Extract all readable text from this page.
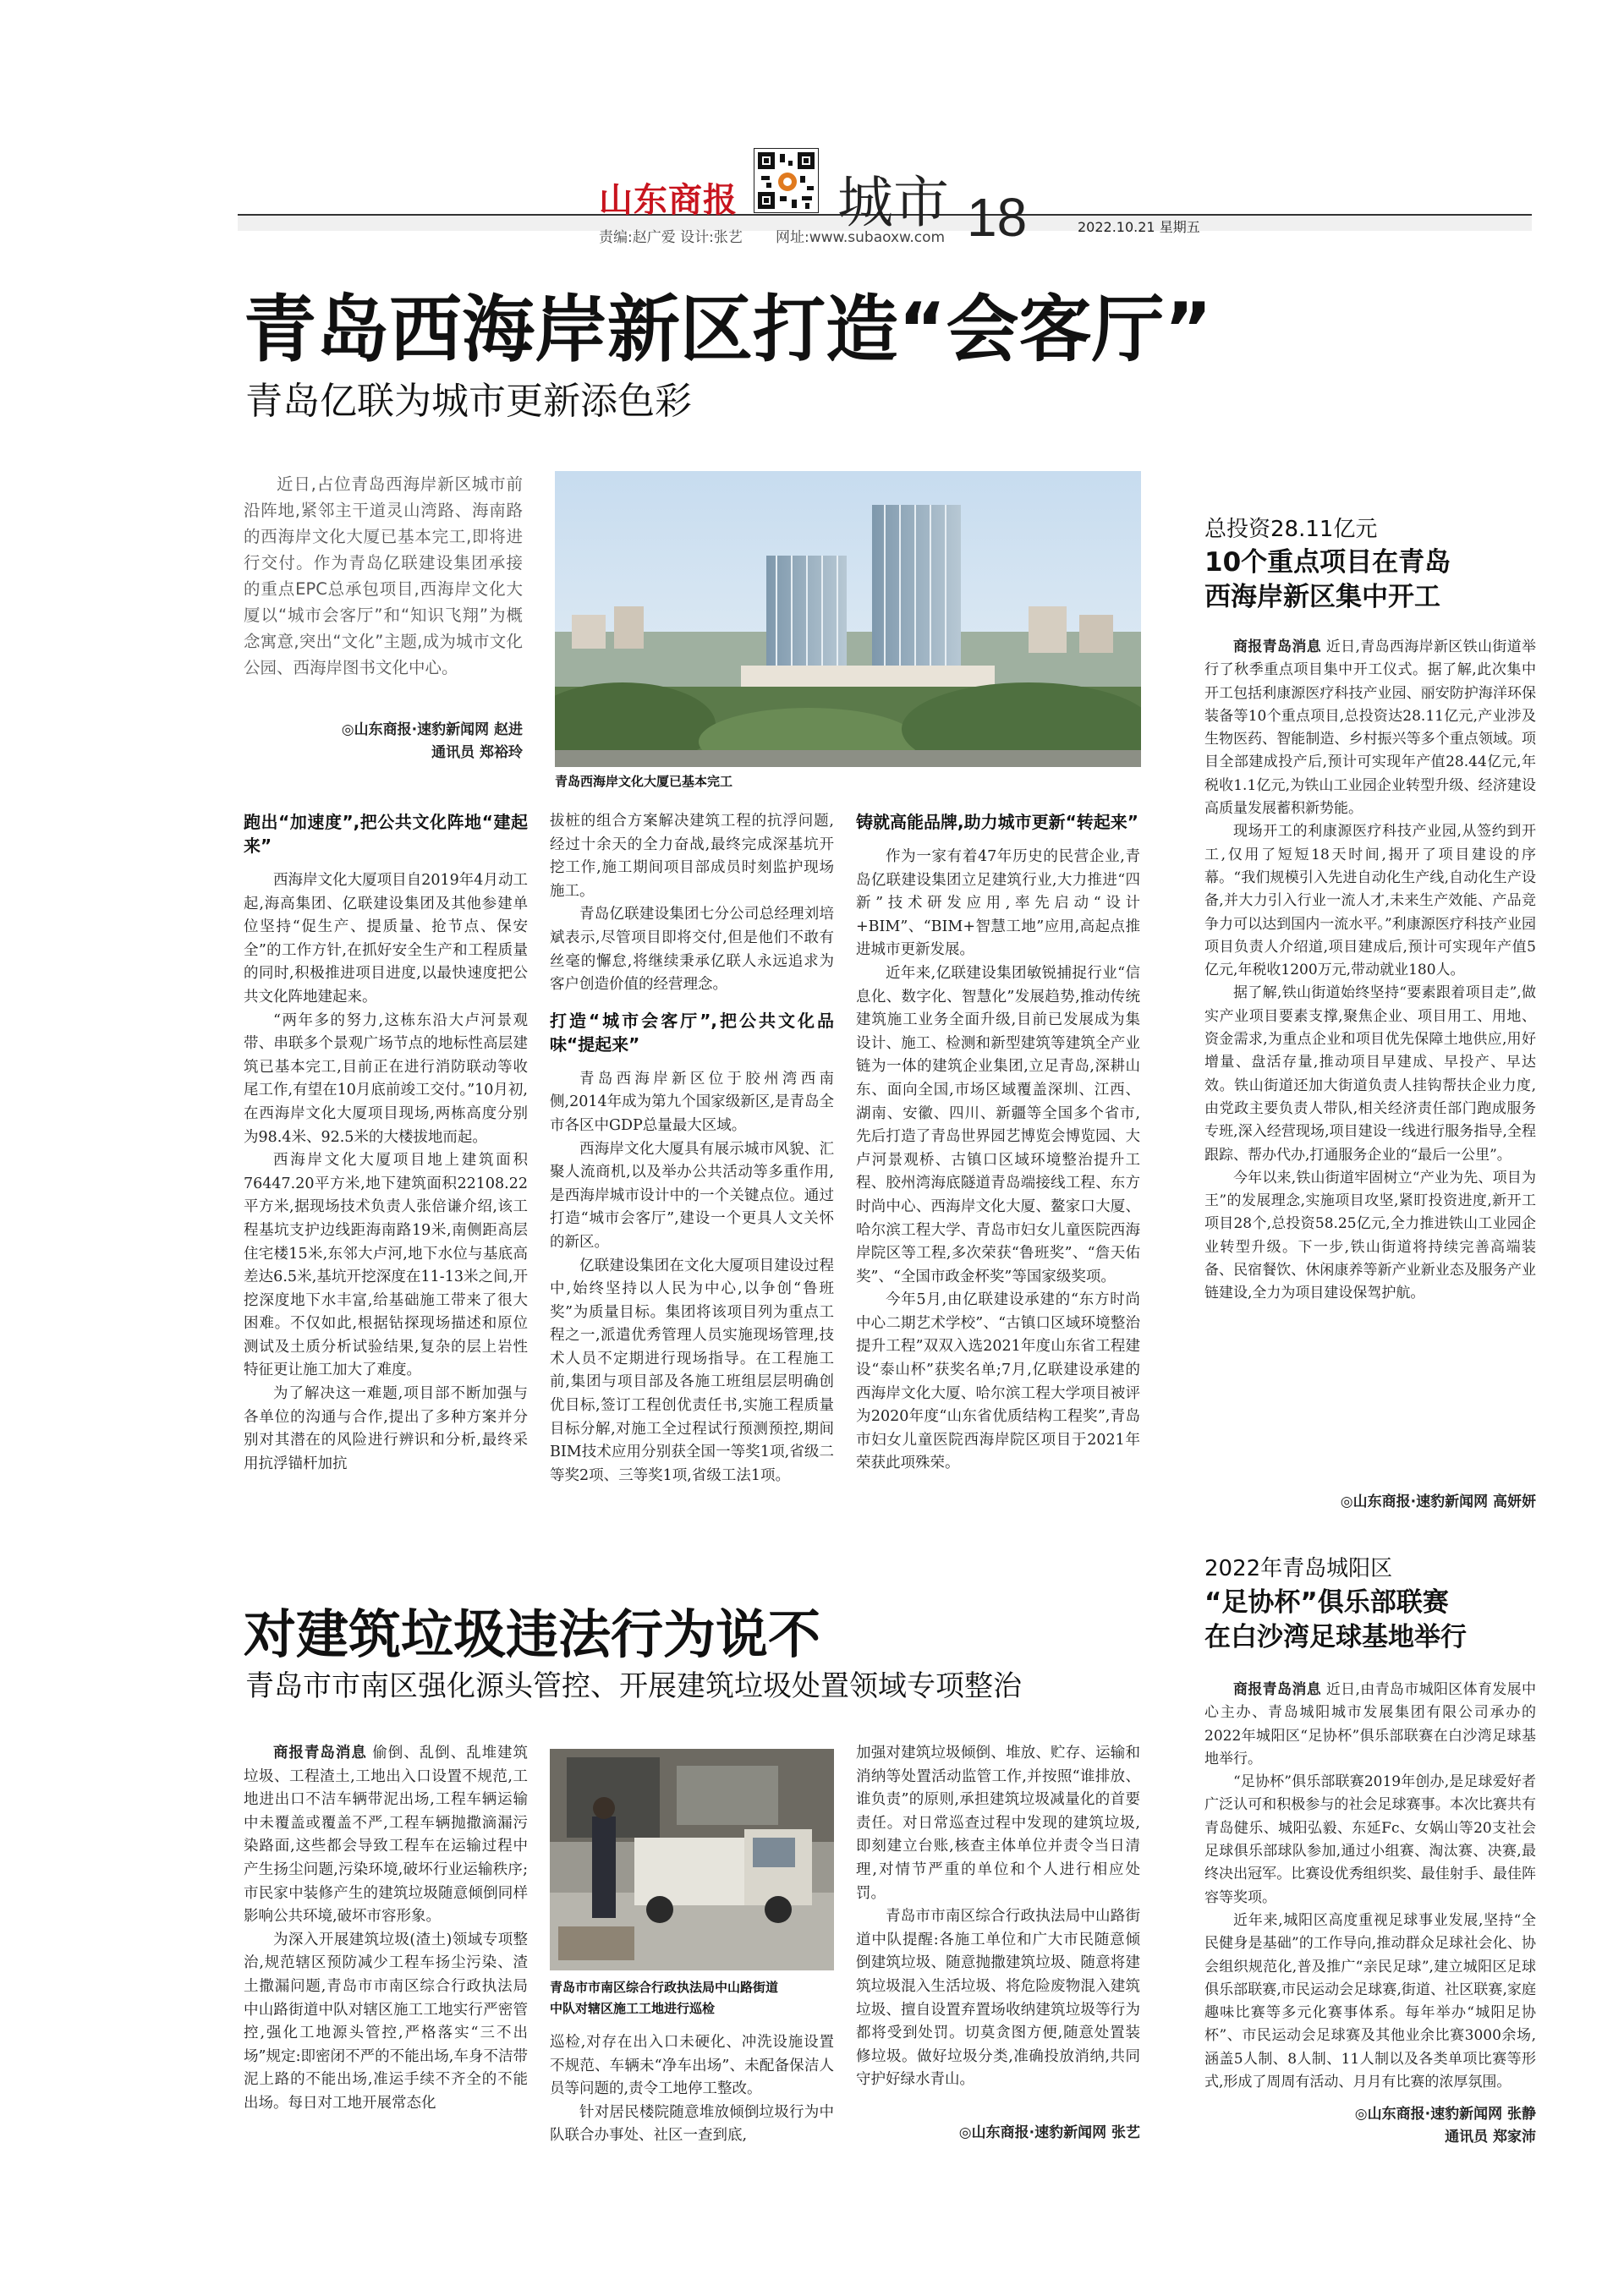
山东商报 城市 18	2022.10.21 星期五
责编:赵广爱 设计:张艺 网址:www.subaoxw.com
青岛西海岸新区打造“会客厅”
青岛亿联为城市更新添色彩

近日,占位青岛西海岸新区城市前沿阵地,紧邻主干道灵山湾路、海南路的西海岸文化大厦已基本完工,即将进行交付。作为青岛亿联建设集团承接的重点EPC总承包项目,西海岸文化大厦以“城市会客厅”和“知识飞翔”为概念寓意,突出“文化”主题,成为城市文化公园、西海岸图书文化中心。

◎山东商报·速豹新闻网 赵进
通讯员 郑裕玲
青岛西海岸文化大厦已基本完工

跑出“加速度”,把公共文化阵地“建起来”

西海岸文化大厦项目自2019年4月动工起,海高集团、亿联建设集团及其他参建单位坚持“促生产、提质量、抢节点、保安全”的工作方针,在抓好安全生产和工程质量的同时,积极推进项目进度,以最快速度把公共文化阵地建起来。

“两年多的努力,这栋东沿大卢河景观带、串联多个景观广场节点的地标性高层建筑已基本完工,目前正在进行消防联动等收尾工作,有望在10月底前竣工交付。”10月初,在西海岸文化大厦项目现场,两栋高度分别为98.4米、92.5米的大楼拔地而起。

西海岸文化大厦项目地上建筑面积76447.20平方米,地下建筑面积22108.22平方米,据现场技术负责人张倍谦介绍,该工程基坑支护边线距海南路19米,南侧距高层住宅楼15米,东邻大卢河,地下水位与基底高差达6.5米,基坑开挖深度在11-13米之间,开挖深度地下水丰富,给基础施工带来了很大困难。不仅如此,根据钻探现场描述和原位测试及土质分析试验结果,复杂的层上岩性特征更让施工加大了难度。

为了解决这一难题,项目部不断加强与各单位的沟通与合作,提出了多种方案并分别对其潜在的风险进行辨识和分析,最终采用抗浮锚杆加抗

拔桩的组合方案解决建筑工程的抗浮问题,经过十余天的全力奋战,最终完成深基坑开挖工作,施工期间项目部成员时刻监护现场施工。

青岛亿联建设集团七分公司总经理刘培斌表示,尽管项目即将交付,但是他们不敢有丝毫的懈怠,将继续秉承亿联人永远追求为客户创造价值的经营理念。

打造“城市会客厅”,把公共文化品味“提起来”

青岛西海岸新区位于胶州湾西南侧,2014年成为第九个国家级新区,是青岛全市各区中GDP总量最大区域。

西海岸文化大厦具有展示城市风貌、汇聚人流商机,以及举办公共活动等多重作用,是西海岸城市设计中的一个关键点位。通过打造“城市会客厅”,建设一个更具人文关怀的新区。

亿联建设集团在文化大厦项目建设过程中,始终坚持以人民为中心,以争创“鲁班奖”为质量目标。集团将该项目列为重点工程之一,派遣优秀管理人员实施现场管理,技术人员不定期进行现场指导。在工程施工前,集团与项目部及各施工班组层层明确创优目标,签订工程创优责任书,实施工程质量目标分解,对施工全过程试行预测预控,期间BIM技术应用分别获全国一等奖1项,省级二等奖2项、三等奖1项,省级工法1项。

铸就高能品牌,助力城市更新“转起来”

作为一家有着47年历史的民营企业,青岛亿联建设集团立足建筑行业,大力推进“四新”技术研发应用,率先启动“设计+BIM”、“BIM+智慧工地”应用,高起点推进城市更新发展。

近年来,亿联建设集团敏锐捕捉行业“信息化、数字化、智慧化”发展趋势,推动传统建筑施工业务全面升级,目前已发展成为集设计、施工、检测和新型建筑等建筑全产业链为一体的建筑企业集团,立足青岛,深耕山东、面向全国,市场区域覆盖深圳、江西、湖南、安徽、四川、新疆等全国多个省市,先后打造了青岛世界园艺博览会博览园、大卢河景观桥、古镇口区域环境整治提升工程、胶州湾海底隧道青岛端接线工程、东方时尚中心、西海岸文化大厦、鳌家口大厦、哈尔滨工程大学、青岛市妇女儿童医院西海岸院区等工程,多次荣获“鲁班奖”、“詹天佑奖”、“全国市政金杯奖”等国家级奖项。

今年5月,由亿联建设承建的“东方时尚中心二期艺术学校”、“古镇口区域环境整治提升工程”双双入选2021年度山东省工程建设“泰山杯”获奖名单;7月,亿联建设承建的西海岸文化大厦、哈尔滨工程大学项目被评为2020年度“山东省优质结构工程奖”,青岛市妇女儿童医院西海岸院区项目于2021年荣获此项殊荣。

总投资28.11亿元
10个重点项目在青岛
西海岸新区集中开工

商报青岛消息 近日,青岛西海岸新区铁山街道举行了秋季重点项目集中开工仪式。据了解,此次集中开工包括利康源医疗科技产业园、丽安防护海洋环保装备等10个重点项目,总投资达28.11亿元,产业涉及生物医药、智能制造、乡村振兴等多个重点领域。项目全部建成投产后,预计可实现年产值28.44亿元,年税收1.1亿元,为铁山工业园企业转型升级、经济建设高质量发展蓄积新势能。

现场开工的利康源医疗科技产业园,从签约到开工,仅用了短短18天时间,揭开了项目建设的序幕。“我们规模引入先进自动化生产线,自动化生产设备,并大力引入行业一流人才,未来生产效能、产品竞争力可以达到国内一流水平。”利康源医疗科技产业园项目负责人介绍道,项目建成后,预计可实现年产值5亿元,年税收1200万元,带动就业180人。

据了解,铁山街道始终坚持“要素跟着项目走”,做实产业项目要素支撑,聚焦企业、项目用工、用地、资金需求,为重点企业和项目优先保障土地供应,用好增量、盘活存量,推动项目早建成、早投产、早达效。铁山街道还加大街道负责人挂钩帮扶企业力度,由党政主要负责人带队,相关经济责任部门跑成服务专班,深入经营现场,项目建设一线进行服务指导,全程跟踪、帮办代办,打通服务企业的“最后一公里”。

今年以来,铁山街道牢固树立“产业为先、项目为王”的发展理念,实施项目攻坚,紧盯投资进度,新开工项目28个,总投资58.25亿元,全力推进铁山工业园企业转型升级。下一步,铁山街道将持续完善高端装备、民宿餐饮、休闲康养等新产业新业态及服务产业链建设,全力为项目建设保驾护航。

◎山东商报·速豹新闻网 高妍妍
2022年青岛城阳区
“足协杯”俱乐部联赛
在白沙湾足球基地举行

商报青岛消息 近日,由青岛市城阳区体育发展中心主办、青岛城阳城市发展集团有限公司承办的2022年城阳区“足协杯”俱乐部联赛在白沙湾足球基地举行。

“足协杯”俱乐部联赛2019年创办,是足球爱好者广泛认可和积极参与的社会足球赛事。本次比赛共有青岛健乐、城阳弘毅、东延Fc、女娲山等20支社会足球俱乐部球队参加,通过小组赛、淘汰赛、决赛,最终决出冠军。比赛设优秀组织奖、最佳射手、最佳阵容等奖项。

近年来,城阳区高度重视足球事业发展,坚持“全民健身是基础”的工作导向,推动群众足球社会化、协会组织规范化,普及推广“亲民足球”,建立城阳区足球俱乐部联赛,市民运动会足球赛,街道、社区联赛,家庭趣味比赛等多元化赛事体系。每年举办“城阳足协杯”、市民运动会足球赛及其他业余比赛3000余场,涵盖5人制、8人制、11人制以及各类单项比赛等形式,形成了周周有活动、月月有比赛的浓厚氛围。

◎山东商报·速豹新闻网 张静
通讯员 郑家沛
对建筑垃圾违法行为说不
青岛市市南区强化源头管控、开展建筑垃圾处置领域专项整治

商报青岛消息 偷倒、乱倒、乱堆建筑垃圾、工程渣土,工地出入口设置不规范,工地进出口不洁车辆带泥出场,工程车辆运输中未覆盖或覆盖不严,工程车辆抛撒滴漏污染路面,这些都会导致工程车在运输过程中产生扬尘问题,污染环境,破坏行业运输秩序;市民家中装修产生的建筑垃圾随意倾倒同样影响公共环境,破坏市容形象。

为深入开展建筑垃圾(渣土)领域专项整治,规范辖区预防减少工程车扬尘污染、渣土撒漏问题,青岛市市南区综合行政执法局中山路街道中队对辖区施工工地实行严密管控,强化工地源头管控,严格落实“三不出场”规定:即密闭不严的不能出场,车身不洁带泥上路的不能出场,准运手续不齐全的不能出场。每日对工地开展常态化

青岛市市南区综合行政执法局中山路街道
中队对辖区施工工地进行巡检

巡检,对存在出入口未硬化、冲洗设施设置不规范、车辆未“净车出场”、未配备保洁人员等问题的,责令工地停工整改。

针对居民楼院随意堆放倾倒垃圾行为中队联合办事处、社区一查到底,

加强对建筑垃圾倾倒、堆放、贮存、运输和消纳等处置活动监管工作,并按照“谁排放、谁负责”的原则,承担建筑垃圾减量化的首要责任。对日常巡查过程中发现的建筑垃圾,即刻建立台账,核查主体单位并责令当日清理,对情节严重的单位和个人进行相应处罚。

青岛市市南区综合行政执法局中山路街道中队提醒:各施工单位和广大市民随意倾倒建筑垃圾、随意抛撒建筑垃圾、随意将建筑垃圾混入生活垃圾、将危险废物混入建筑垃圾、擅自设置弃置场收纳建筑垃圾等行为都将受到处罚。切莫贪图方便,随意处置装修垃圾。做好垃圾分类,准确投放消纳,共同守护好绿水青山。

◎山东商报·速豹新闻网 张艺
